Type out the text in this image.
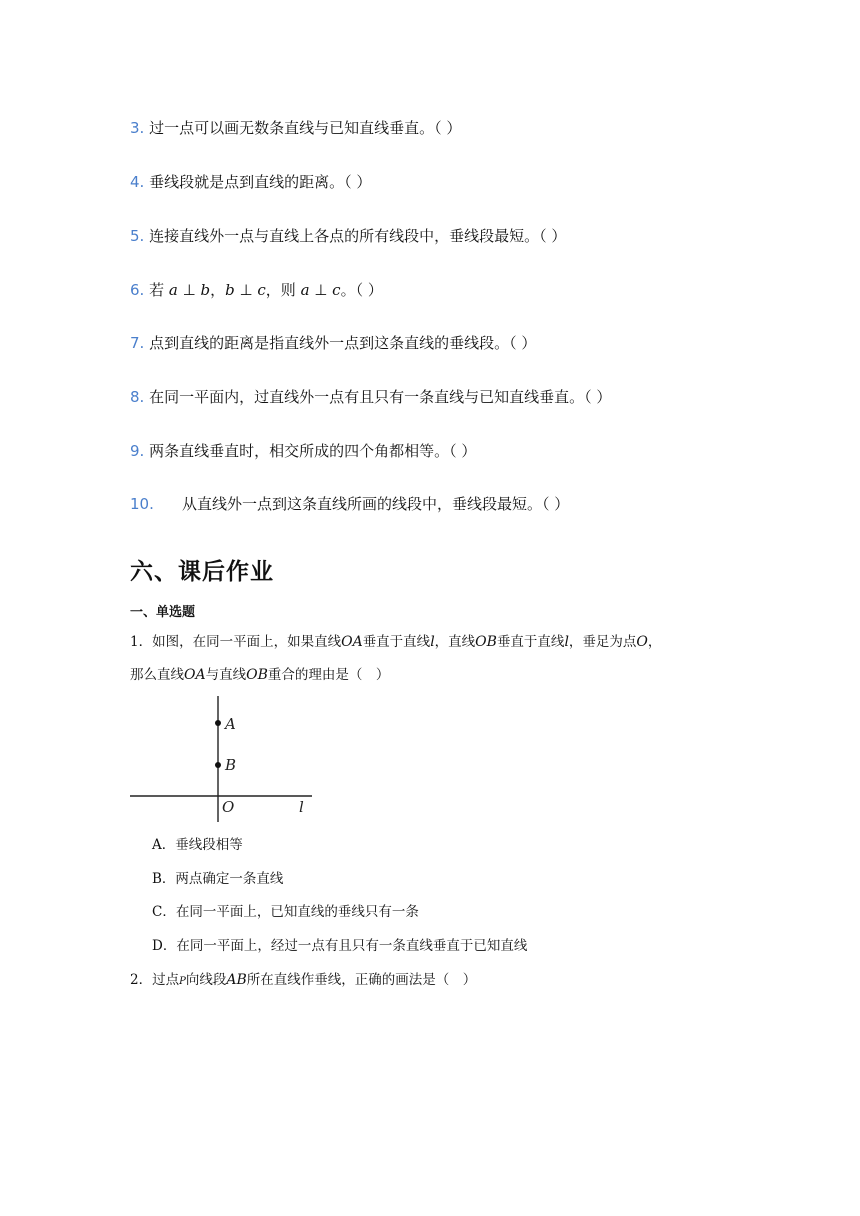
3. 过一点可以画无数条直线与已知直线垂直。（ ）
4. 垂线段就是点到直线的距离。（ ）
5. 连接直线外一点与直线上各点的所有线段中，垂线段最短。（ ）
6. 若 a ⊥ b，b ⊥ c，则 a ⊥ c。（ ）
7. 点到直线的距离是指直线外一点到这条直线的垂线段。（ ）
8. 在同一平面内，过直线外一点有且只有一条直线与已知直线垂直。（ ）
9. 两条直线垂直时，相交所成的四个角都相等。（ ）
10. 从直线外一点到这条直线所画的线段中，垂线段最短。（ ）
六、课后作业
一、单选题
1．如图，在同一平面上，如果直线OA垂直于直线l，直线OB垂直于直线l，垂足为点O，
那么直线OA与直线OB重合的理由是（　）
A
B
O	l
A．垂线段相等
B．两点确定一条直线
C．在同一平面上，已知直线的垂线只有一条
D．在同一平面上，经过一点有且只有一条直线垂直于已知直线
2．过点P向线段AB所在直线作垂线，正确的画法是（　）
